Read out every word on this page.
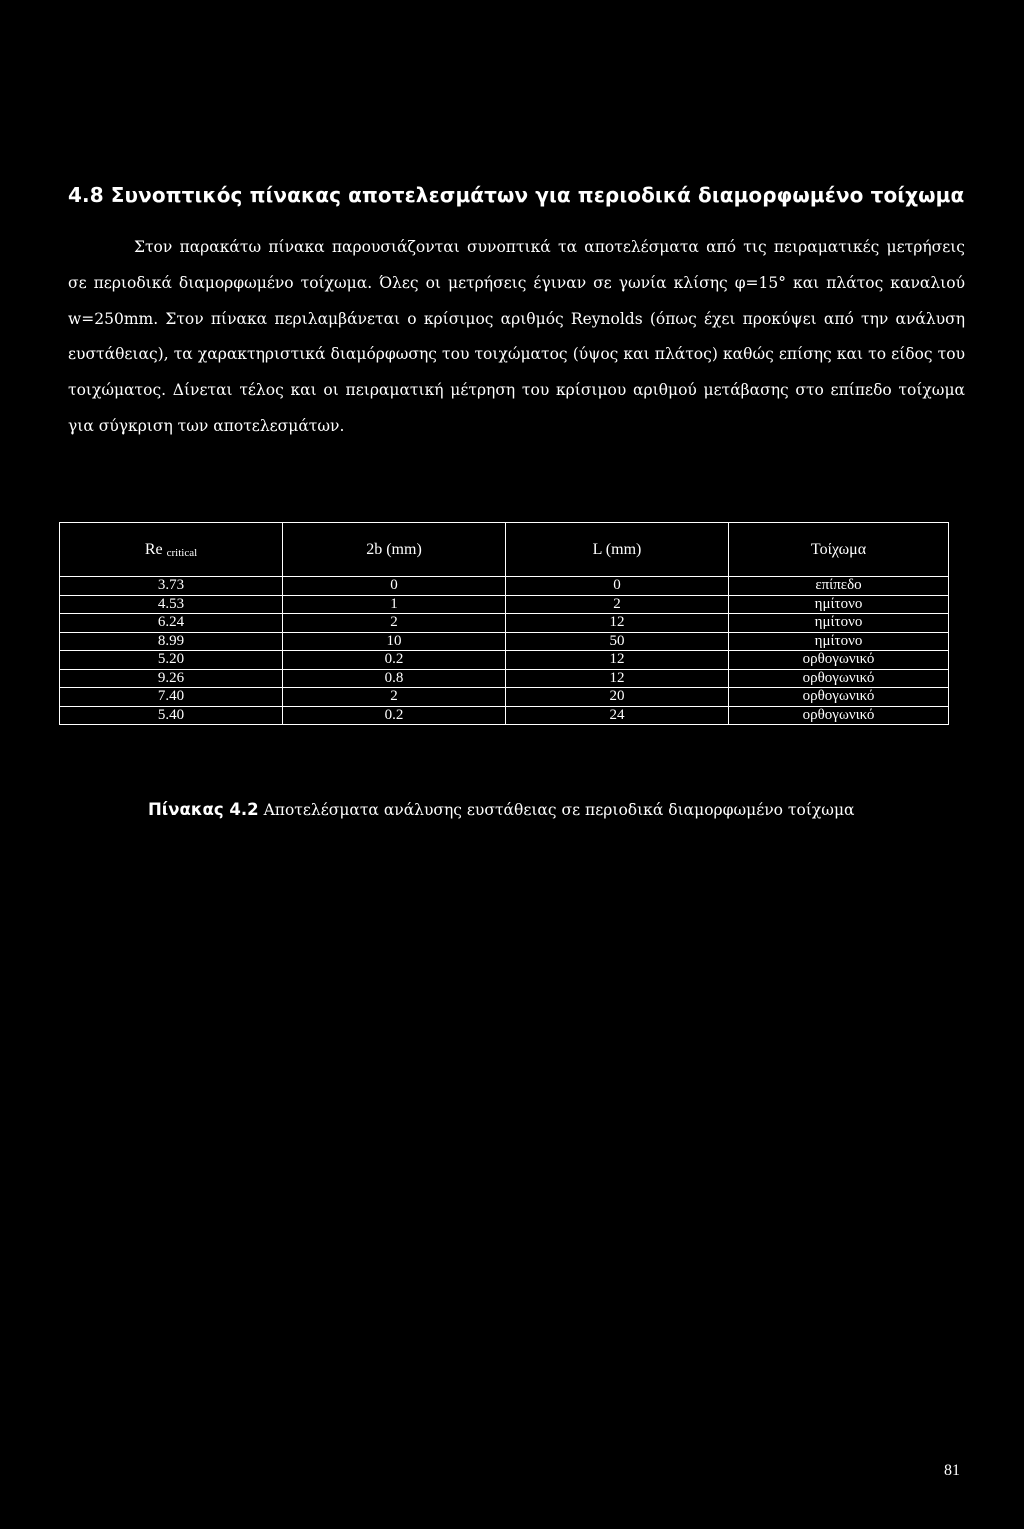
4.8 Συνοπτικός πίνακας αποτελεσμάτων για περιοδικά διαμορφωμένο τοίχωμα

Στον παρακάτω πίνακα παρουσιάζονται συνοπτικά τα αποτελέσματα από τις πειραματικές μετρήσεις σε περιοδικά διαμορφωμένο τοίχωμα. Όλες οι μετρήσεις έγιναν σε γωνία κλίσης φ=15° και πλάτος καναλιού w=250mm. Στον πίνακα περιλαμβάνεται ο κρίσιμος αριθμός Reynolds (όπως έχει προκύψει από την ανάλυση ευστάθειας), τα χαρακτηριστικά διαμόρφωσης του τοιχώματος (ύψος και πλάτος) καθώς επίσης και το είδος του τοιχώματος. Δίνεται τέλος και οι πειραματική μέτρηση του κρίσιμου αριθμού μετάβασης στο επίπεδο τοίχωμα για σύγκριση των αποτελεσμάτων.

Re critical	2b (mm)	L (mm)	Τοίχωμα
3.73	0	0	επίπεδο
4.53	1	2	ημίτονο
6.24	2	12	ημίτονο
8.99	10	50	ημίτονο
5.20	0.2	12	ορθογωνικό
9.26	0.8	12	ορθογωνικό
7.40	2	20	ορθογωνικό
5.40	0.2	24	ορθογωνικό
Πίνακας 4.2 Αποτελέσματα ανάλυσης ευστάθειας σε περιοδικά διαμορφωμένο τοίχωμα
81
